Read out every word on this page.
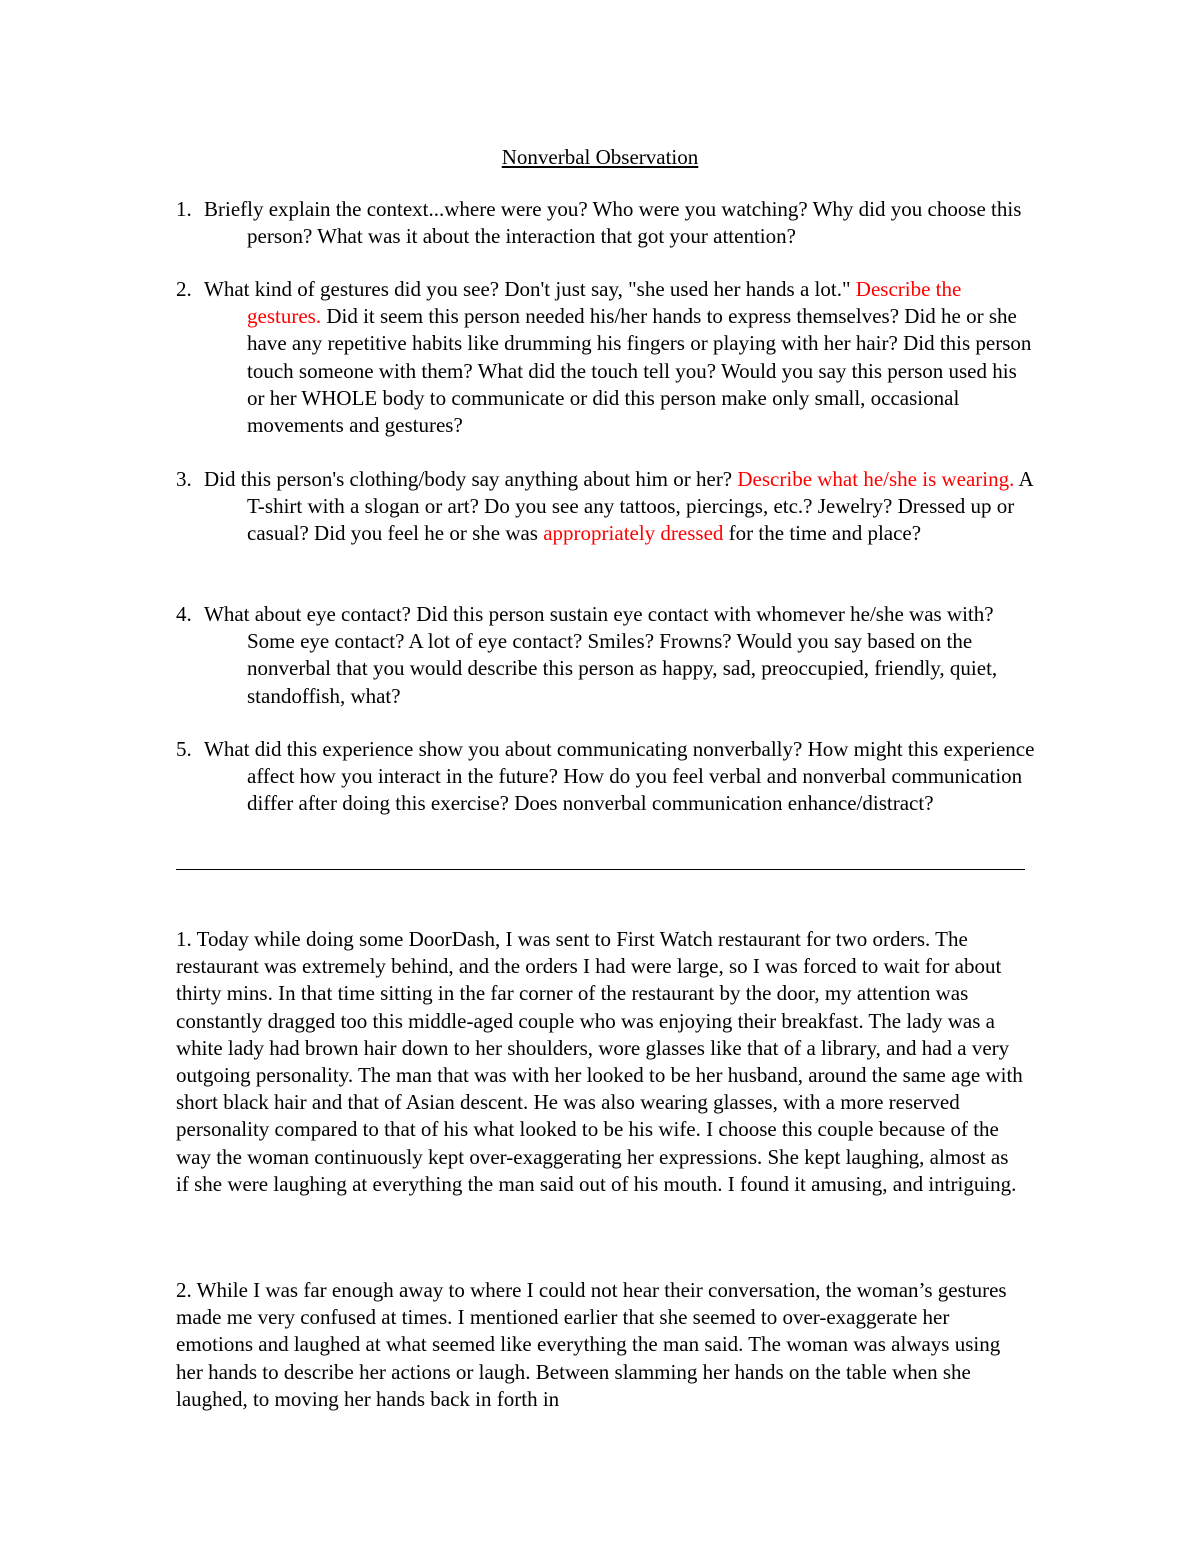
Nonverbal Observation
1. Briefly explain the context...where were you? Who were you watching? Why did you choose this person? What was it about the interaction that got your attention?
2. What kind of gestures did you see? Don't just say, "she used her hands a lot." Describe the gestures. Did it seem this person needed his/her hands to express themselves? Did he or she have any repetitive habits like drumming his fingers or playing with her hair? Did this person touch someone with them? What did the touch tell you? Would you say this person used his or her WHOLE body to communicate or did this person make only small, occasional movements and gestures?
3. Did this person's clothing/body say anything about him or her? Describe what he/she is wearing. A T-shirt with a slogan or art? Do you see any tattoos, piercings, etc.? Jewelry? Dressed up or casual? Did you feel he or she was appropriately dressed for the time and place?
4. What about eye contact? Did this person sustain eye contact with whomever he/she was with? Some eye contact? A lot of eye contact? Smiles? Frowns? Would you say based on the nonverbal that you would describe this person as happy, sad, preoccupied, friendly, quiet, standoffish, what?
5. What did this experience show you about communicating nonverbally? How might this experience affect how you interact in the future? How do you feel verbal and nonverbal communication differ after doing this exercise? Does nonverbal communication enhance/distract?

1. Today while doing some DoorDash, I was sent to First Watch restaurant for two orders. The restaurant was extremely behind, and the orders I had were large, so I was forced to wait for about thirty mins. In that time sitting in the far corner of the restaurant by the door, my attention was constantly dragged too this middle-aged couple who was enjoying their breakfast. The lady was a white lady had brown hair down to her shoulders, wore glasses like that of a library, and had a very outgoing personality. The man that was with her looked to be her husband, around the same age with short black hair and that of Asian descent. He was also wearing glasses, with a more reserved personality compared to that of his what looked to be his wife. I choose this couple because of the way the woman continuously kept over-exaggerating her expressions. She kept laughing, almost as if she were laughing at everything the man said out of his mouth. I found it amusing, and intriguing.

2. While I was far enough away to where I could not hear their conversation, the woman’s gestures made me very confused at times. I mentioned earlier that she seemed to over-exaggerate her emotions and laughed at what seemed like everything the man said. The woman was always using her hands to describe her actions or laugh. Between slamming her hands on the table when she laughed, to moving her hands back in forth in
